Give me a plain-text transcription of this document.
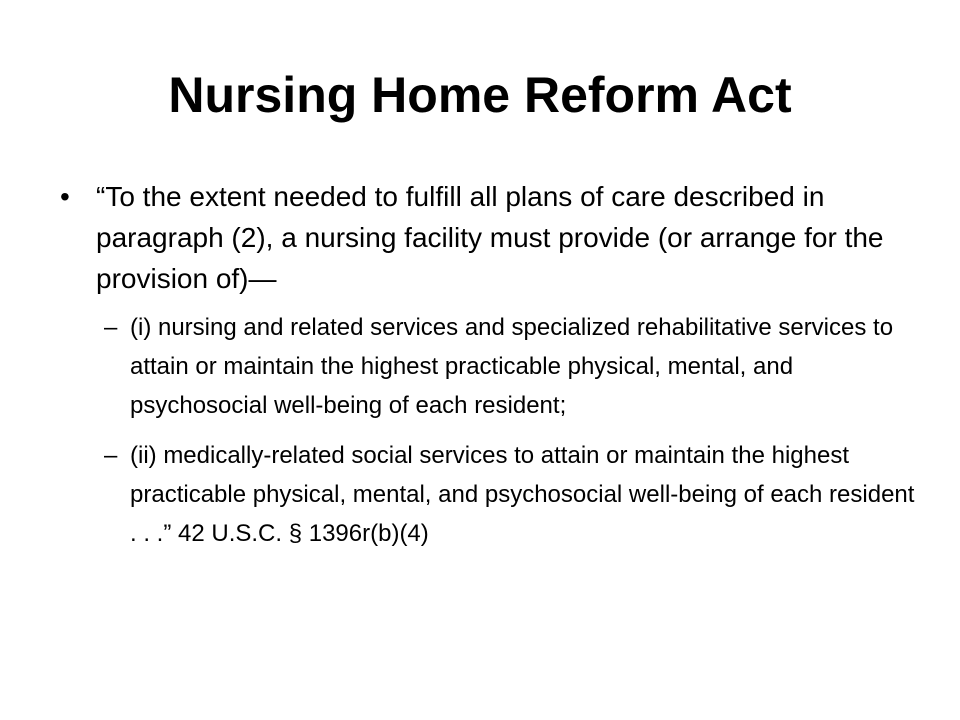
Nursing Home Reform Act
• “To the extent needed to fulfill all plans of care described in paragraph (2), a nursing facility must provide (or arrange for the provision of)—
– (i) nursing and related services and specialized rehabilitative services to attain or maintain the highest practicable physical, mental, and psychosocial well-being of each resident;
– (ii) medically-related social services to attain or maintain the highest practicable physical, mental, and psychosocial well-being of each resident . . .” 42 U.S.C. § 1396r(b)(4)
